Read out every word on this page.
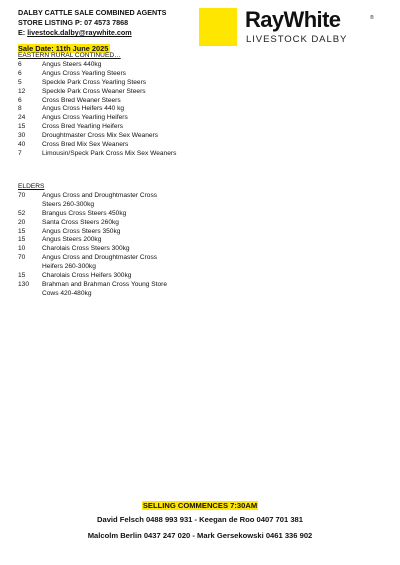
DALBY CATTLE SALE COMBINED AGENTS
STORE LISTING P: 07 4573 7868
E: livestock.dalby@raywhite.com
Sale Date: 11th June 2025
RayWhite	®
LIVESTOCK DALBY
EASTERN RURAL CONTINUED…
6	Angus Steers 440kg
6	Angus Cross Yearling Steers
5	Speckle Park Cross Yearling Steers
12	Speckle Park Cross Weaner Steers
6	Cross Bred Weaner Steers
8	Angus Cross Heifers 440 kg
24	Angus Cross Yearling Heifers
15	Cross Bred Yearling Heifers
30	Droughtmaster Cross Mix Sex Weaners
40	Cross Bred Mix Sex Weaners
7	Limousin/Speck Park Cross Mix Sex Weaners
ELDERS
70	Angus Cross and Droughtmaster Cross Steers 260-300kg
52	Brangus Cross Steers 450kg
20	Santa Cross Steers 260kg
15	Angus Cross Steers 350kg
15	Angus Steers 200kg
10	Charolais Cross Steers 300kg
70	Angus Cross and Droughtmaster Cross Heifers 260-300kg
15	Charolais Cross Heifers 300kg
130	Brahman and Brahman Cross Young Store Cows 420-480kg
SELLING COMMENCES 7:30AM
David Felsch 0488 993 931 - Keegan de Roo 0407 701 381
Malcolm Berlin 0437 247 020 - Mark Gersekowski 0461 336 902
